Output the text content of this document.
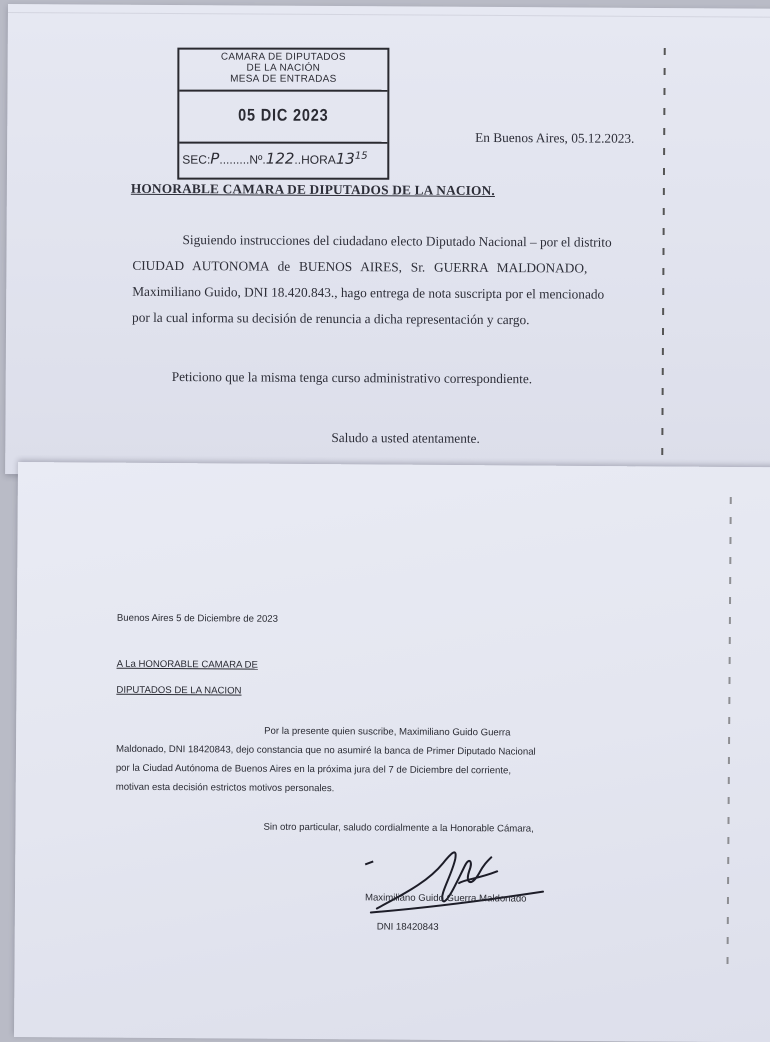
CAMARA DE DIPUTADOS
DE LA NACIÓN
MESA DE ENTRADAS
05 DIC 2023
$SEC:P.........Nº.122..HORA13^{15}$
En Buenos Aires, 05.12.2023.
HONORABLE CAMARA DE DIPUTADOS DE LA NACION.
Siguiendo instrucciones del ciudadano electo Diputado Nacional – por el distrito
CIUDAD AUTONOMA de BUENOS AIRES, Sr. GUERRA MALDONADO,
Maximiliano Guido, DNI 18.420.843., hago entrega de nota suscripta por el mencionado
por la cual informa su decisión de renuncia a dicha representación y cargo.
Peticiono que la misma tenga curso administrativo correspondiente.
Saludo a usted atentamente.
Buenos Aires 5 de Diciembre de 2023
A La HONORABLE CAMARA DE
DIPUTADOS DE LA NACION
Por la presente quien suscribe, Maximiliano Guido Guerra
Maldonado, DNI 18420843, dejo constancia que no asumiré la banca de Primer Diputado Nacional
por la Ciudad Autónoma de Buenos Aires en la próxima jura del 7 de Diciembre del corriente,
motivan esta decisión estrictos motivos personales.
Sin otro particular, saludo cordialmente a la Honorable Cámara,
Maximiliano Guido Guerra Maldonado
DNI 18420843
